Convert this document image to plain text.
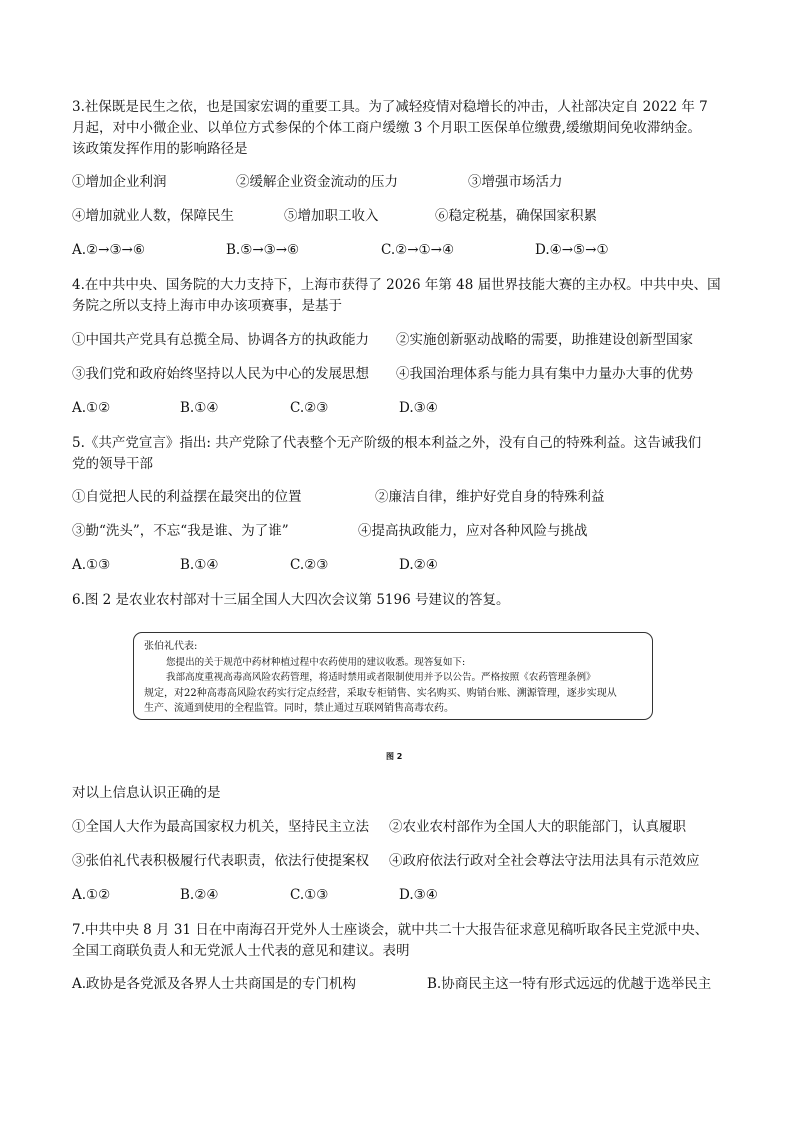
3.社保既是民生之依，也是国家宏调的重要工具。为了减轻疫情对稳增长的冲击，人社部决定自 2022 年 7
月起，对中小微企业、以单位方式参保的个体工商户缓缴 3 个月职工医保单位缴费,缓缴期间免收滞纳金。
该政策发挥作用的影响路径是
①增加企业利润	②缓解企业资金流动的压力	③增强市场活力
④增加就业人数，保障民生	⑤增加职工收入	⑥稳定税基，确保国家积累
A.②→③→⑥	B.⑤→③→⑥	C.②→①→④	D.④→⑤→①
4.在中共中央、国务院的大力支持下，上海市获得了 2026 年第 48 届世界技能大赛的主办权。中共中央、国
务院之所以支持上海市申办该项赛事，是基于
①中国共产党具有总揽全局、协调各方的执政能力 ②实施创新驱动战略的需要，助推建设创新型国家
③我们党和政府始终坚持以人民为中心的发展思想 ④我国治理体系与能力具有集中力量办大事的优势
A.①②	B.①④	C.②③	D.③④
5.《共产党宣言》指出: 共产党除了代表整个无产阶级的根本利益之外，没有自己的特殊利益。这告诫我们
党的领导干部
①自觉把人民的利益摆在最突出的位置	②廉洁自律，维护好党自身的特殊利益
③勤“洗头”，不忘“我是谁、为了谁”	④提高执政能力，应对各种风险与挑战
A.①③	B.①④	C.②③	D.②④
6.图 2 是农业农村部对十三届全国人大四次会议第 5196 号建议的答复。
张伯礼代表:
您提出的关于规范中药材种植过程中农药使用的建议收悉。现答复如下:
我部高度重视高毒高风险农药管理，将适时禁用或者限制使用并予以公告。严格按照《农药管理条例》
规定，对22种高毒高风险农药实行定点经营，采取专柜销售、实名购买、购销台账、溯源管理，逐步实现从
生产、流通到使用的全程监管。同时，禁止通过互联网销售高毒农药。
图 2
对以上信息认识正确的是
①全国人大作为最高国家权力机关，坚持民主立法 ②农业农村部作为全国人大的职能部门，认真履职
③张伯礼代表积极履行代表职责，依法行使提案权 ④政府依法行政对全社会尊法守法用法具有示范效应
A.①②	B.②④	C.①③	D.③④
7.中共中央 8 月 31 日在中南海召开党外人士座谈会，就中共二十大报告征求意见稿听取各民主党派中央、
全国工商联负责人和无党派人士代表的意见和建议。表明
A.政协是各党派及各界人士共商国是的专门机构	B.协商民主这一特有形式远远的优越于选举民主
